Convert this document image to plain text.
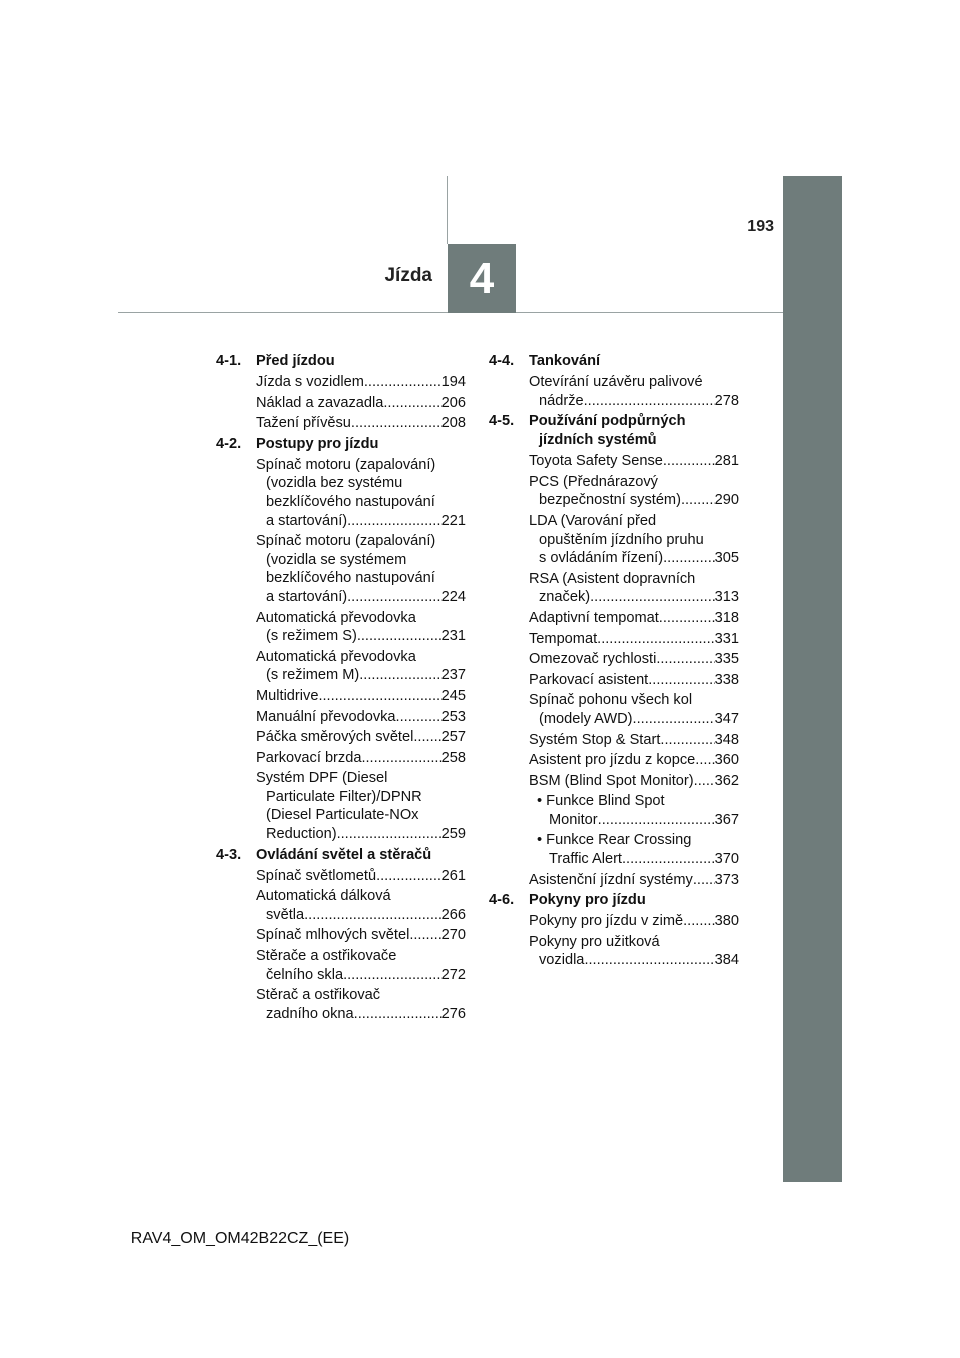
4
Jízda
193
4-1.	Před jízdou
Jízda s vozidlem .....	194
Náklad a zavazadla .....	206
Tažení přívěsu .....	208
4-2.	Postupy pro jízdu
Spínač motoru (zapalování)
(vozidla bez systému
bezklíčového nastupování
a startování) .....	221
Spínač motoru (zapalování)
(vozidla se systémem
bezklíčového nastupování
a startování) .....	224
Automatická převodovka
(s režimem S) .....	231
Automatická převodovka
(s režimem M) .....	237
Multidrive .....	245
Manuální převodovka .....	253
Páčka směrových světel ..... 257
Parkovací brzda .....	258
Systém DPF (Diesel
Particulate Filter)/DPNR
(Diesel Particulate-NOx
Reduction) .....	259
4-3.	Ovládání světel a stěračů
Spínač světlometů .....	261
Automatická dálková
světla .....	266
Spínač mlhových světel ..... 270
Stěrače a ostřikovače
čelního skla .....	272
Stěrač a ostřikovač
zadního okna .....	276
4-4.	Tankování
Otevírání uzávěru palivové
nádrže .....	278
4-5.	Používání podpůrných
jízdních systémů
Toyota Safety Sense .....	281
PCS (Přednárazový
bezpečnostní systém) ..... 290
LDA (Varování před
opuštěním jízdního pruhu
s ovládáním řízení) .....	305
RSA (Asistent dopravních
značek) .....	313
Adaptivní tempomat .....	318
Tempomat .....	331
Omezovač rychlosti .....	335
Parkovací asistent .....	338
Spínač pohonu všech kol
(modely AWD) .....	347
Systém Stop & Start .....	348
Asistent pro jízdu z kopce ..... 360
BSM (Blind Spot Monitor) ..... 362
• Funkce Blind Spot
Monitor .....	367
• Funkce Rear Crossing
Traffic Alert .....	370
Asistenční jízdní systémy ..... 373
4-6.	Pokyny pro jízdu
Pokyny pro jízdu v zimě ..... 380
Pokyny pro užitková
vozidla .....	384
RAV4_OM_OM42B22CZ_(EE)
